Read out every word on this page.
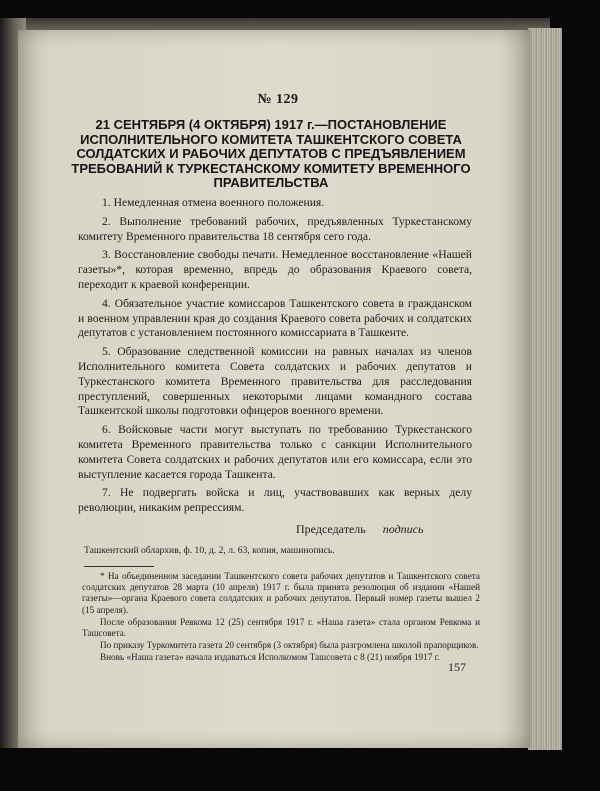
№ 129
21 СЕНТЯБРЯ (4 ОКТЯБРЯ) 1917 г.—ПОСТАНОВЛЕНИЕ ИСПОЛНИТЕЛЬНОГО КОМИТЕТА ТАШКЕНТСКОГО СОВЕТА СОЛДАТСКИХ И РАБОЧИХ ДЕПУТАТОВ С ПРЕДЪЯВЛЕНИЕМ ТРЕБОВАНИЙ К ТУРКЕСТАНСКОМУ КОМИТЕТУ ВРЕМЕННОГО ПРАВИТЕЛЬСТВА

1. Немедленная отмена военного положения.

2. Выполнение требований рабочих, предъявленных Туркестанскому комитету Временного правительства 18 сентября сего года.

3. Восстановление свободы печати. Немедленное восстановление «Нашей газеты»*, которая временно, впредь до образования Краевого совета, переходит к краевой конференции.

4. Обязательное участие комиссаров Ташкентского совета в гражданском и военном управлении края до создания Краевого совета рабочих и солдатских депутатов с установлением постоянного комиссариата в Ташкенте.

5. Образование следственной комиссии на равных началах из членов Исполнительного комитета Совета солдатских и рабочих депутатов и Туркестанского комитета Временного правительства для расследования преступлений, совершенных некоторыми лицами командного состава Ташкентской школы подготовки офицеров военного времени.

6. Войсковые части могут выступать по требованию Туркестанского комитета Временного правительства только с санкции Исполнительного комитета Совета солдатских и рабочих депутатов или его комиссара, если это выступление касается города Ташкента.

7. Не подвергать войска и лиц, участвовавших как верных делу революции, никаким репрессиям.

Председатель подпись
Ташкентский облархив, ф. 10, д. 2, л. 63, копия, машинопись.

* На объединенном заседании Ташкентского совета рабочих депутатов и Ташкентского совета солдатских депутатов 28 марта (10 апреля) 1917 г. была принята резолюция об издании «Нашей газеты»—органа Краевого совета солдатских и рабочих депутатов. Первый номер газеты вышел 2 (15 апреля).

После образования Ревкома 12 (25) сентября 1917 г. «Наша газета» стала органом Ревкома и Ташсовета.

По приказу Туркомитета газета 20 сентября (3 октября) была разгромлена школой прапорщиков.

Вновь «Наша газета» начала издаваться Исполкомом Ташсовета с 8 (21) ноября 1917 г.

157
